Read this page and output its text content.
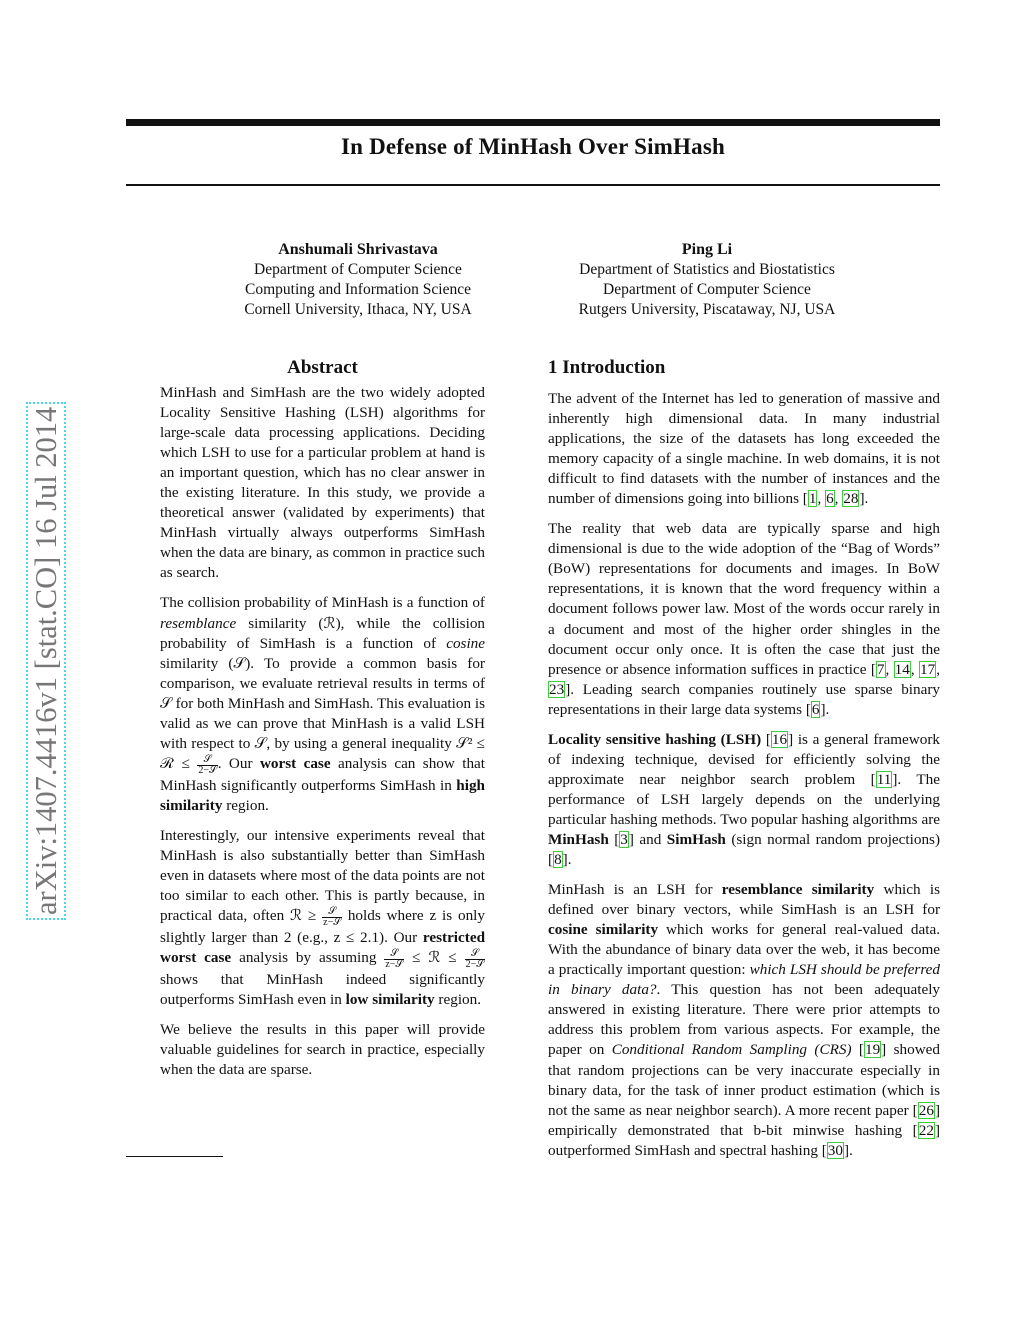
In Defense of MinHash Over SimHash
Anshumali Shrivastava
Department of Computer Science
Computing and Information Science
Cornell University, Ithaca, NY, USA
Ping Li
Department of Statistics and Biostatistics
Department of Computer Science
Rutgers University, Piscataway, NJ, USA
arXiv:1407.4416v1 [stat.CO] 16 Jul 2014
Abstract

MinHash and SimHash are the two widely adopted Locality Sensitive Hashing (LSH) algorithms for large-scale data processing applications. Deciding which LSH to use for a particular problem at hand is an important question, which has no clear answer in the existing literature. In this study, we provide a theoretical answer (validated by experiments) that MinHash virtually always outperforms SimHash when the data are binary, as common in practice such as search.

The collision probability of MinHash is a function of resemblance similarity (ℛ), while the collision probability of SimHash is a function of cosine similarity (𝒮). To provide a common basis for comparison, we evaluate retrieval results in terms of 𝒮 for both MinHash and SimHash. This evaluation is valid as we can prove that MinHash is a valid LSH with respect to 𝒮, by using a general inequality 𝒮² ≤ ℛ ≤ $\frac{\text{𝒮}}{\text{2−𝒮}}$ . Our worst case analysis can show that MinHash significantly outperforms SimHash in high similarity region.

Interestingly, our intensive experiments reveal that MinHash is also substantially better than SimHash even in datasets where most of the data points are not too similar to each other. This is partly because, in practical data, often ℛ ≥ $\frac{\text{𝒮}}{\text{z−𝒮}}$ holds where z is only slightly larger than 2 (e.g., z ≤ 2.1). Our restricted worst case analysis by assuming $\frac{\text{𝒮}}{\text{z−𝒮}}$ ≤ ℛ ≤ $\frac{\text{𝒮}}{\text{2−𝒮}}$
shows that MinHash indeed significantly outperforms SimHash even in low similarity region.

We believe the results in this paper will provide valuable guidelines for search in practice, especially when the data are sparse.

1 Introduction

The advent of the Internet has led to generation of massive and inherently high dimensional data. In many industrial applications, the size of the datasets has long exceeded the memory capacity of a single machine. In web domains, it is not difficult to find datasets with the number of instances and the number of dimensions going into billions [1, 6, 28].

The reality that web data are typically sparse and high dimensional is due to the wide adoption of the “Bag of Words” (BoW) representations for documents and images. In BoW representations, it is known that the word frequency within a document follows power law. Most of the words occur rarely in a document and most of the higher order shingles in the document occur only once. It is often the case that just the presence or absence information suffices in practice [7, 14, 17, 23]. Leading search companies routinely use sparse binary representations in their large data systems [6].

Locality sensitive hashing (LSH) [16] is a general framework of indexing technique, devised for efficiently solving the approximate near neighbor search problem [11]. The performance of LSH largely depends on the underlying particular hashing methods. Two popular hashing algorithms are MinHash [3] and SimHash (sign normal random projections) [8].

MinHash is an LSH for resemblance similarity which is defined over binary vectors, while SimHash is an LSH for cosine similarity which works for general real-valued data. With the abundance of binary data over the web, it has become a practically important question: which LSH should be preferred in binary data?. This question has not been adequately answered in existing literature. There were prior attempts to address this problem from various aspects. For example, the paper on Conditional Random Sampling (CRS) [19] showed that random projections can be very inaccurate especially in binary data, for the task of inner product estimation (which is not the same as near neighbor search). A more recent paper [26] empirically demonstrated that b-bit minwise hashing [22] outperformed SimHash and spectral hashing [30].
